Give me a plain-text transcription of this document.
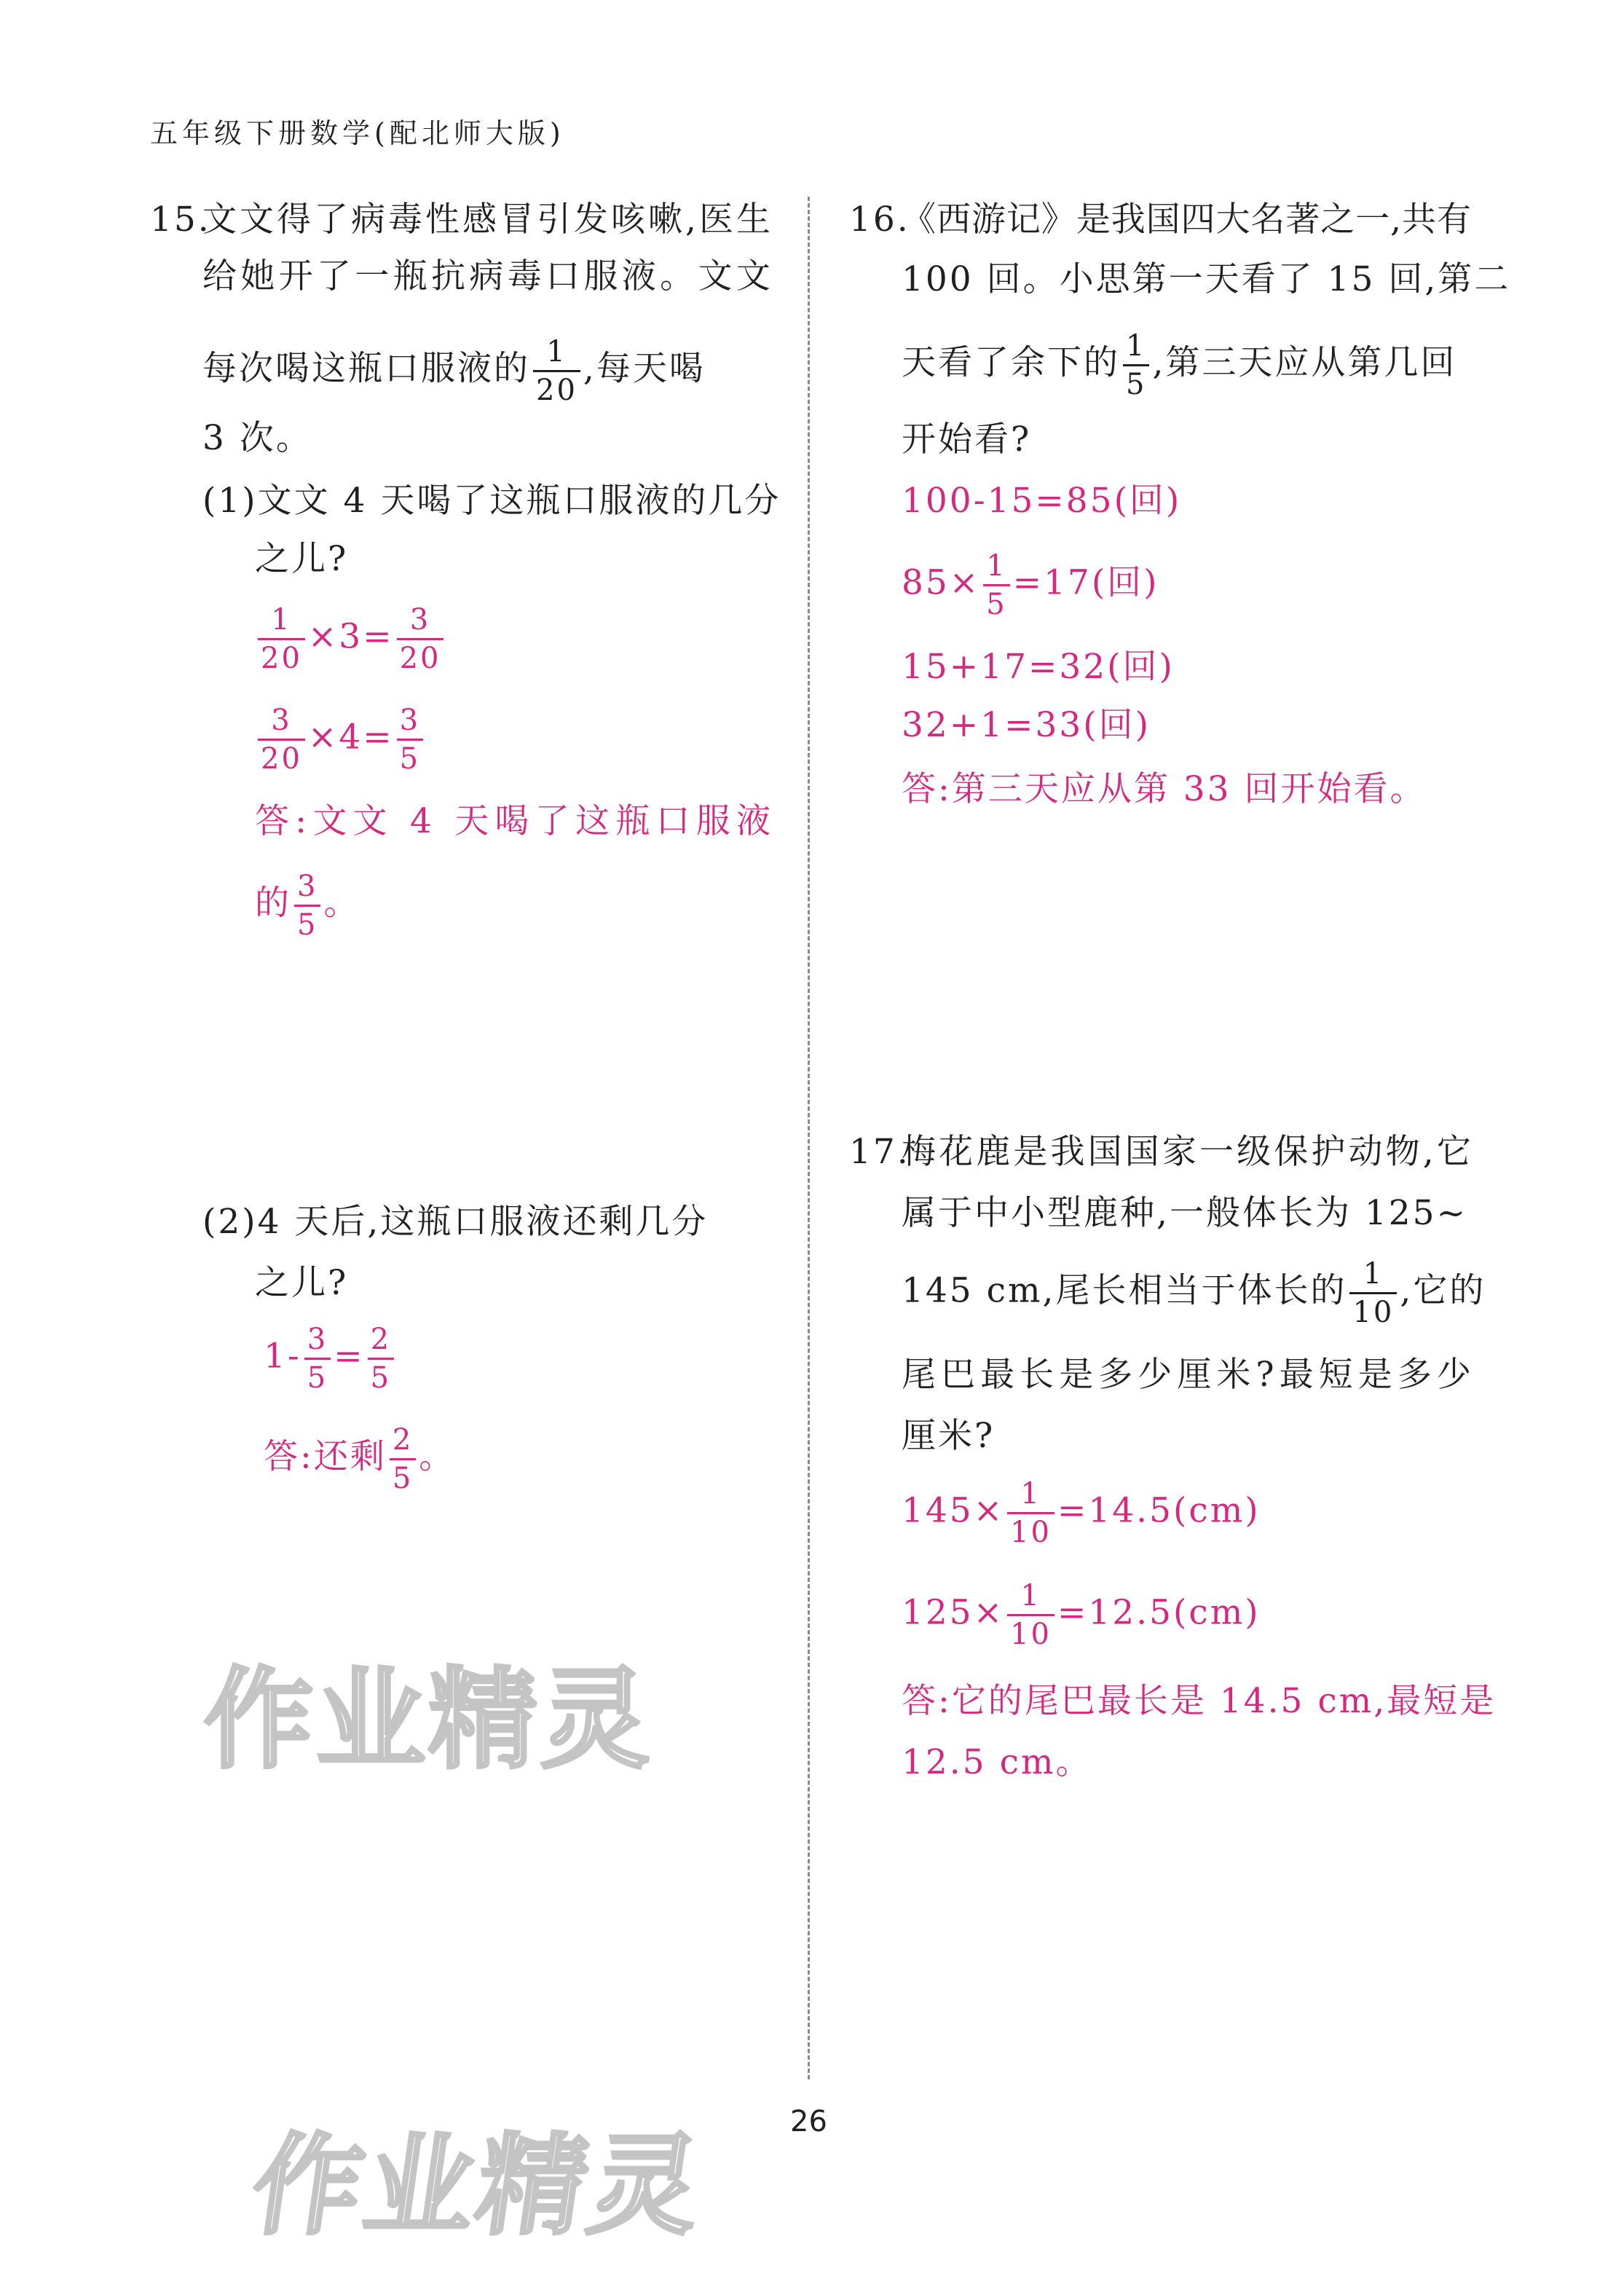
五年级下册数学(配北师大版)
15.
文 文 得 了 病 毒 性 感 冒 引 发 咳 嗽 , 医 生
给 她 开 了 一 瓶 抗 病 毒 口 服 液 。 文 文
每次喝这瓶口服液的 $\frac{1}{20}$ ,每天喝
3 次。
(1)文文 4 天喝了这瓶口服液的几分
之儿?
$\frac{1}{20} \times 3= \frac{3}{20}$
$\frac{3}{20} \times 4= \frac{3}{5}$
答 : 文 文
4
天 喝 了 这 瓶 口 服 液
的 $\frac{3}{5}$ 。
(2)4 天后,这瓶口服液还剩几分
之儿?
$1- \frac{3}{5} = \frac{2}{5}$
答:还剩 $\frac{2}{5}$ 。
16.
《 西 游 记 》 是 我 国 四 大 名 著 之 一 , 共 有
100 回。小思第一天看了 15 回,第二
天看了余下的 $\frac{1}{5}$ ,第三天应从第几回
开始看?
100-15=85(回)
$85\times \frac{1}{5} =17$(回)
15+17=32(回)
32+1=33(回)
答:第三天应从第 33 回开始看。
17.
梅 花 鹿 是 我 国 国 家 一 级 保 护 动 物 , 它
属于中小型鹿种,一般体长为 125~
145 cm,尾长相当于体长的 $\frac{1}{10}$ ,它的
尾 巴 最 长 是 多 少 厘 米 ? 最 短 是 多 少
厘米?
$145\times \frac{1}{10} =14.5(cm)$
$125\times \frac{1}{10} =12.5(cm)$
答:它的尾巴最长是 14.5 cm,最短是
12.5 cm。
作业精灵
26
作业精灵
